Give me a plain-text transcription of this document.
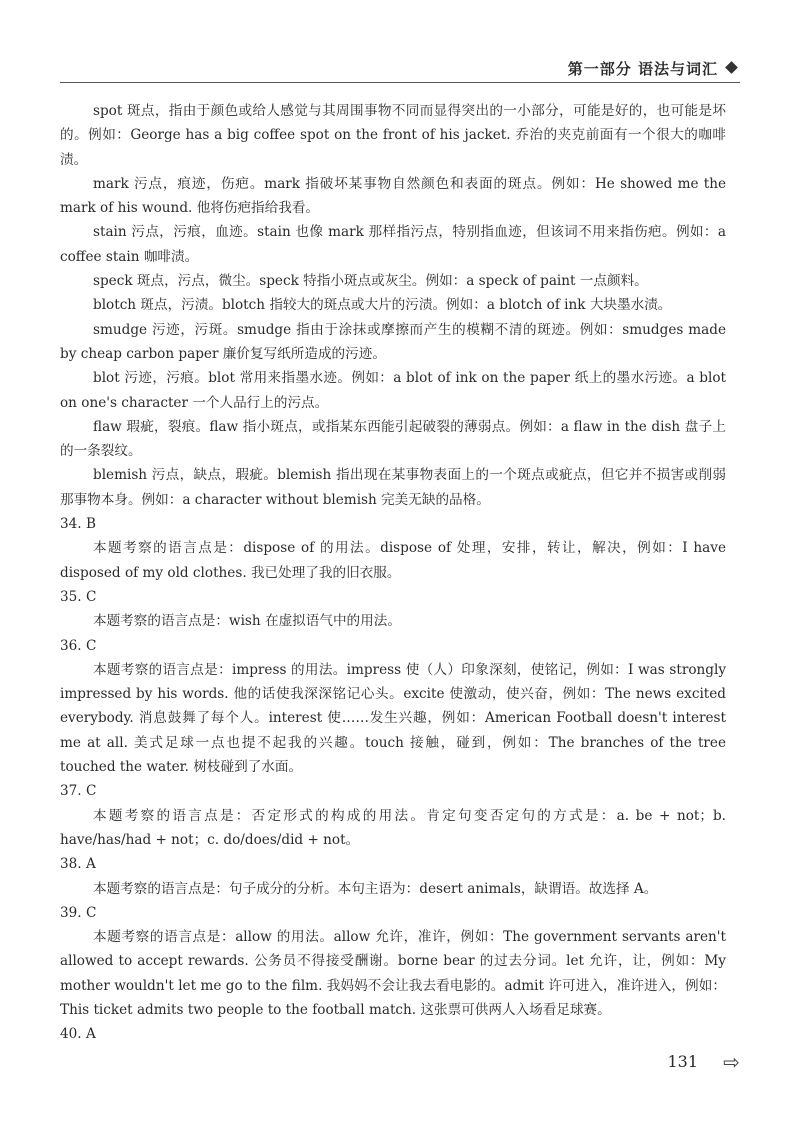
第一部分 语法与词汇

spot 斑点，指由于颜色或给人感觉与其周围事物不同而显得突出的一小部分，可能是好的，也可能是坏的。例如：George has a big coffee spot on the front of his jacket. 乔治的夹克前面有一个很大的咖啡渍。

mark 污点，痕迹，伤疤。mark 指破坏某事物自然颜色和表面的斑点。例如：He showed me the mark of his wound. 他将伤疤指给我看。

stain 污点，污痕，血迹。stain 也像 mark 那样指污点，特别指血迹，但该词不用来指伤疤。例如：a coffee stain 咖啡渍。

speck 斑点，污点，微尘。speck 特指小斑点或灰尘。例如：a speck of paint 一点颜料。

blotch 斑点，污渍。blotch 指较大的斑点或大片的污渍。例如：a blotch of ink 大块墨水渍。

smudge 污迹，污斑。smudge 指由于涂抹或摩擦而产生的模糊不清的斑迹。例如：smudges made by cheap carbon paper 廉价复写纸所造成的污迹。

blot 污迹，污痕。blot 常用来指墨水迹。例如：a blot of ink on the paper 纸上的墨水污迹。a blot on one's character 一个人品行上的污点。

flaw 瑕疵，裂痕。flaw 指小斑点，或指某东西能引起破裂的薄弱点。例如：a flaw in the dish 盘子上的一条裂纹。

blemish 污点，缺点，瑕疵。blemish 指出现在某事物表面上的一个斑点或疵点，但它并不损害或削弱那事物本身。例如：a character without blemish 完美无缺的品格。

34. B

本题考察的语言点是：dispose of 的用法。dispose of 处理，安排，转让，解决，例如：I have disposed of my old clothes. 我已处理了我的旧衣服。

35. C

本题考察的语言点是：wish 在虚拟语气中的用法。

36. C

本题考察的语言点是：impress 的用法。impress 使（人）印象深刻，使铭记，例如：I was strongly impressed by his words. 他的话使我深深铭记心头。excite 使激动，使兴奋，例如：The news excited everybody. 消息鼓舞了每个人。interest 使……发生兴趣，例如：American Football doesn't interest me at all. 美式足球一点也提不起我的兴趣。touch 接触，碰到，例如：The branches of the tree touched the water. 树枝碰到了水面。

37. C

本题考察的语言点是：否定形式的构成的用法。肯定句变否定句的方式是：a. be + not；b. have/has/had + not；c. do/does/did + not。

38. A

本题考察的语言点是：句子成分的分析。本句主语为：desert animals，缺谓语。故选择 A。

39. C

本题考察的语言点是：allow 的用法。allow 允许，准许，例如：The government servants aren't allowed to accept rewards. 公务员不得接受酬谢。borne bear 的过去分词。let 允许，让，例如：My mother wouldn't let me go to the film. 我妈妈不会让我去看电影的。admit 许可进入，准许进入，例如：This ticket admits two people to the football match. 这张票可供两人入场看足球赛。

40. A

131 ⇨
